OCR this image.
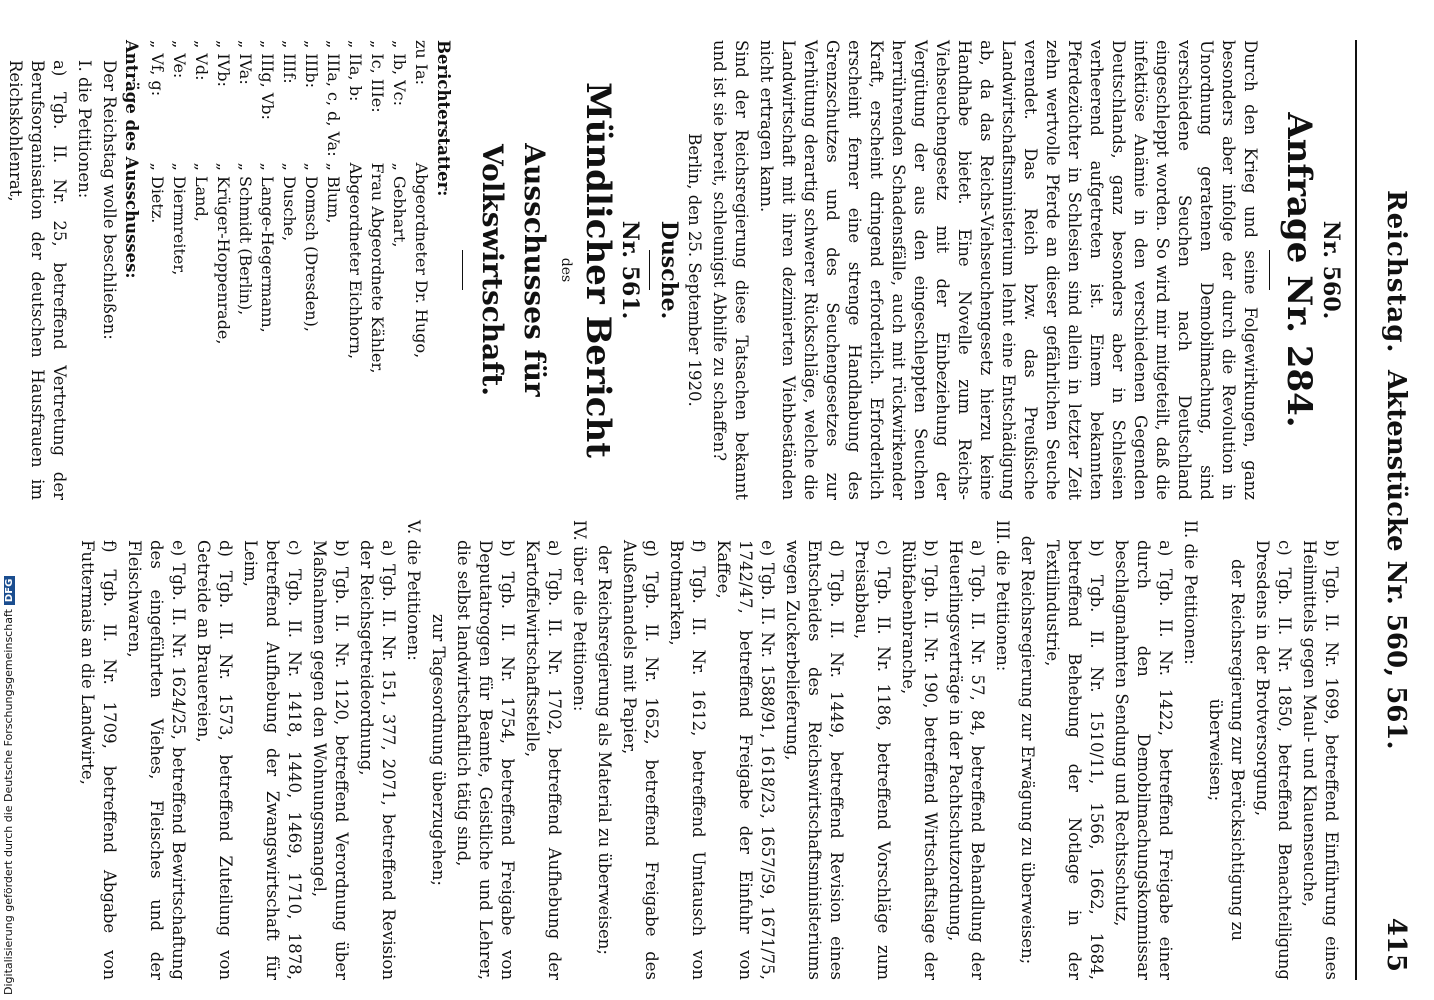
Reichstag.
Aktenstücke Nr. 560, 561.
415
Nr. 560.
Anfrage Nr. 284.

Durch den Krieg und seine Folgewirkungen, ganz besonders aber infolge der durch die Revolution in Unordnung geratenen Demobilmachung, sind verschiedene Seuchen nach Deutschland eingeschleppt worden. So wird mir mitgeteilt, daß die infektiöse Anämie in den verschiedenen Gegenden Deutschlands, ganz besonders aber in Schlesien verheerend aufgetreten ist. Einem bekannten Pferdezüchter in Schlesien sind allein in letzter Zeit zehn wertvolle Pferde an dieser gefährlichen Seuche verendet. Das Reich bzw. das Preußische Landwirtschaftsministerium lehnt eine Entschädigung ab, da das Reichs-Viehseuchengesetz hierzu keine Handhabe bietet. Eine Novelle zum Reichs-Viehseuchengesetz mit der Einbeziehung der Vergütung der aus den eingeschleppten Seuchen herrührenden Schadensfälle, auch mit rückwirkender Kraft, erscheint dringend erforderlich. Erforderlich erscheint ferner eine strenge Handhabung des Grenzschutzes und des Seuchengesetzes zur Verhütung derartig schwerer Rückschläge, welche die Landwirtschaft mit ihren dezimierten Viehbeständen nicht ertragen kann.

Sind der Reichsregierung diese Tatsachen bekannt und ist sie bereit, schleunigst Abhilfe zu schaffen?

Berlin, den 25. September 1920.

Dusche.
Nr. 561.
Mündlicher Bericht
des
Ausschusses für Volkswirtschaft.
Berichterstatter:
zu Ia:	Abgeordneter Dr. Hugo,
„ Ib, Vc:	„ Gebhart,
„ Ic, IIIe:	Frau Abgeordnete Kähler,
„ IIa, b:	Abgeordneter Eichhorn,
„ IIIa, c, d, Va:	„ Blum,
„ IIIb:	„ Domsch (Dresden),
„ IIIf:	„ Dusche,
„ IIIg, Vb:	„ Lange-Hegermann,
„ IVa:	„ Schmidt (Berlin),
„ IVb:	„ Krüger-Hoppenrade,
„ Vd:	„ Land,
„ Ve:	„ Diermreiter,
„ Vf, g:	„ Dietz.
Anträge des Ausschusses:

Der Reichstag wolle beschließen:

I. die Petitionen:

a) Tgb. II. Nr. 25, betreffend Vertretung der Berufsorganisation der deutschen Hausfrauen im Reichskohlenrat,

b) Tgb. II. Nr. 1699, betreffend Einführung eines Heilmittels gegen Maul- und Klauenseuche,

c) Tgb. II. Nr. 1850, betreffend Benachteiligung Dresdens in der Brotversorgung,

der Reichsregierung zur Berücksichtigung zu überweisen;

II. die Petitionen:

a) Tgb. II. Nr. 1422, betreffend Freigabe einer durch den Demobilmachungskommissar beschlagnahmten Sendung und Rechtsschutz,

b) Tgb. II. Nr. 1510/11, 1566, 1662, 1684, betreffend Behebung der Notlage in der Textilindustrie,

der Reichsregierung zur Erwägung zu überweisen;

III. die Petitionen:

a) Tgb. II. Nr. 57, 84, betreffend Behandlung der Heuerlingsverträge in der Pachtschutzordnung,

b) Tgb. II. Nr. 190, betreffend Wirtschaftslage der Rübfabenbranche,

c) Tgb. II. Nr. 1186, betreffend Vorschläge zum Preisabbau,

d) Tgb. II. Nr. 1449, betreffend Revision eines Entscheides des Reichswirtschaftsministeriums wegen Zuckerbelieferung,

e) Tgb. II. Nr. 1588/91, 1618/23, 1657/59, 1671/75, 1742/47, betreffend Freigabe der Einfuhr von Kaffee,

f) Tgb. II. Nr. 1612, betreffend Umtausch von Brotmarken,

g) Tgb. II. Nr. 1652, betreffend Freigabe des Außenhandels mit Papier,

der Reichsregierung als Material zu überweisen;

IV. über die Petitionen:

a) Tgb. II. Nr. 1702, betreffend Aufhebung der Kartoffelwirtschaftsstelle,

b) Tgb. II. Nr. 1754, betreffend Freigabe von Deputatroggen für Beamte, Geistliche und Lehrer, die selbst landwirtschaftlich tätig sind,

zur Tagesordnung überzugehen;

V. die Petitionen:

a) Tgb. II. Nr. 151, 377, 2071, betreffend Revision der Reichsgetreideordnung,

b) Tgb. II. Nr. 1120, betreffend Verordnung über Maßnahmen gegen den Wohnungsmangel,

c) Tgb. II. Nr. 1418, 1440, 1469, 1710, 1878, betreffend Aufhebung der Zwangswirtschaft für Leim,

d) Tgb. II. Nr. 1573, betreffend Zuteilung von Getreide an Brauereien,

e) Tgb. II. Nr. 1624/25, betreffend Bewirtschaftung des eingeführten Viehes, Fleisches und der Fleischwaren,

f) Tgb. II. Nr. 1709, betreffend Abgabe von Futtermais an die Landwirte,

Digitalisierung gefördert durch die Deutsche ForschungsgemeinschaftDFG
